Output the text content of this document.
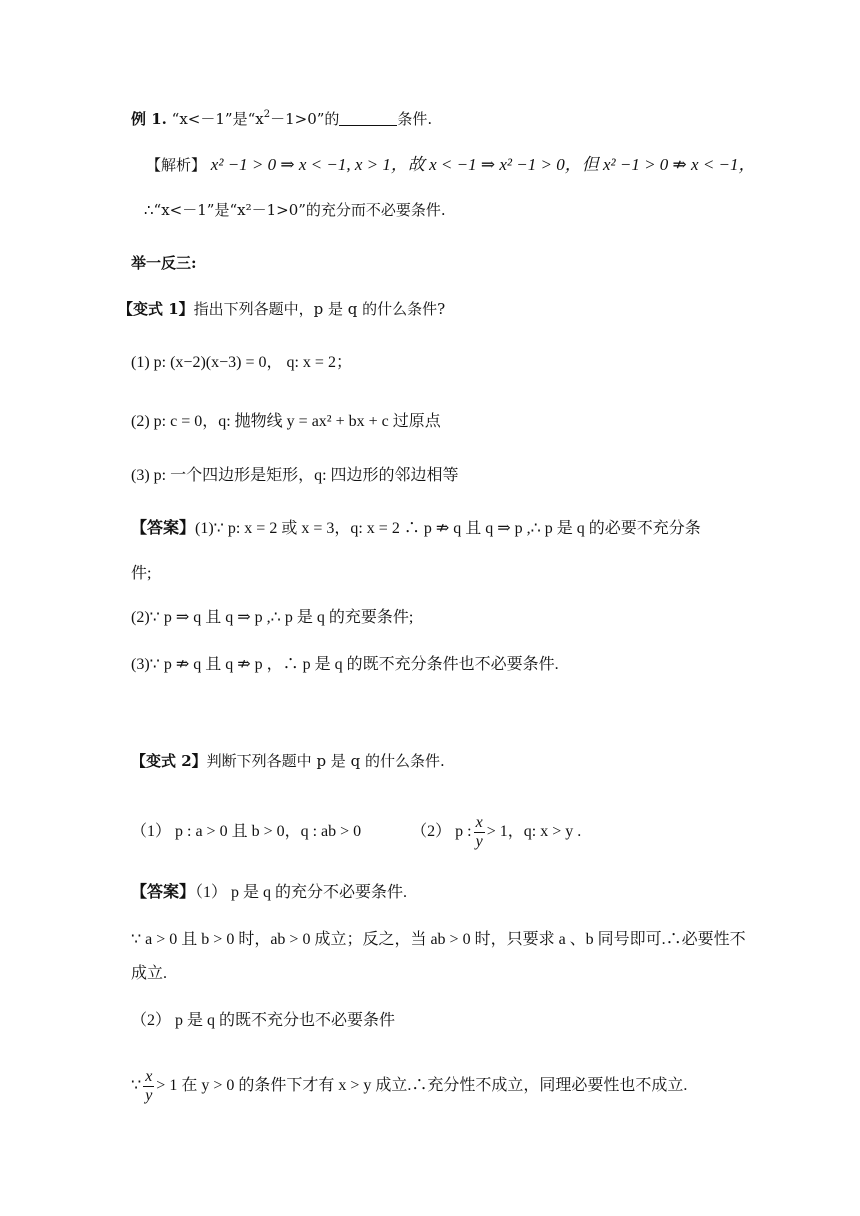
例 1. “x<－1”是“$x^2-1>0$”的	条件.
【解析】 x² −1 > 0 ⇒ x < −1, x > 1，故 x < −1 ⇒ x² −1 > 0，但 x² −1 > 0 ⇏ x < −1，
∴“x<－1”是“x²－1>0”的充分而不必要条件.
举一反三:
【变式 1】指出下列各题中，p 是 q 的什么条件?
(1) p: (x−2)(x−3) = 0， q: x = 2；
(2) p: c = 0，q: 抛物线 y = ax² + bx + c 过原点
(3) p: 一个四边形是矩形，q: 四边形的邻边相等
【答案】(1)∵ p: x = 2 或 x = 3，q: x = 2 ∴ p ⇏ q 且 q ⇒ p ,∴ p 是 q 的必要不充分条
件;
(2)∵ p ⇒ q 且 q ⇒ p ,∴ p 是 q 的充要条件;
(3)∵ p ⇏ q 且 q ⇏ p ，∴ p 是 q 的既不充分条件也不必要条件.
【变式 2】判断下列各题中 p 是 q 的什么条件.
（1） p : a > 0 且 b > 0，q : ab > 0	（2） p : $\frac{x}{y} > 1$，q: x > y .
【答案】（1） p 是 q 的充分不必要条件.
∵ a > 0 且 b > 0 时，ab > 0 成立；反之，当 ab > 0 时，只要求 a 、b 同号即可.∴必要性不
成立.
（2） p 是 q 的既不充分也不必要条件
∵ $\frac{x}{y} > 1$ 在 y > 0 的条件下才有 x > y 成立.∴充分性不成立，同理必要性也不成立.
